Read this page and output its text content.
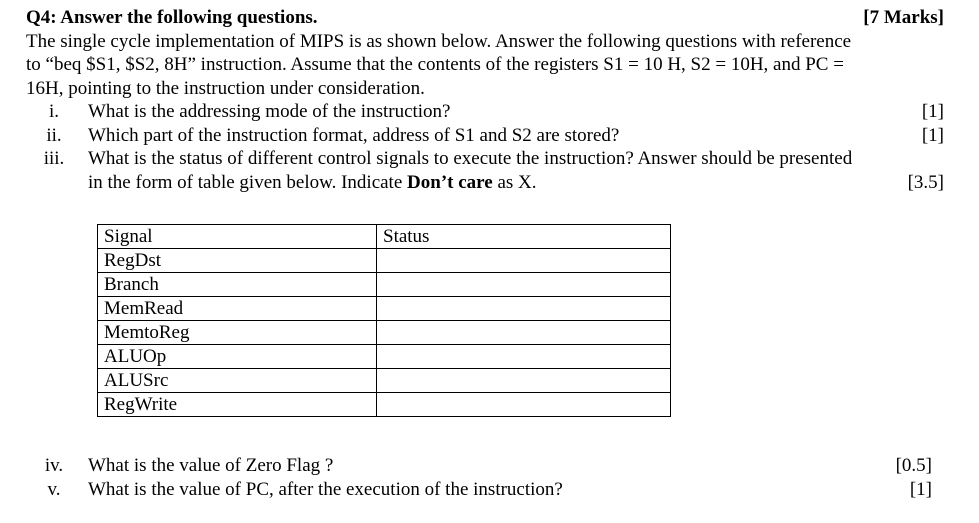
Q4: Answer the following questions.	[7 Marks]

The single cycle implementation of MIPS is as shown below. Answer the following questions with reference

to “beq $S1, $S2, 8H” instruction. Assume that the contents of the registers S1 = 10 H, S2 = 10H, and PC =

16H, pointing to the instruction under consideration.

i.	What is the addressing mode of the instruction?	[1]
ii.	Which part of the instruction format, address of S1 and S2 are stored?	[1]
iii.	What is the status of different control signals to execute the instruction? Answer should be presented
in the form of table given below. Indicate Don’t care as X.	[3.5]
Signal	Status
RegDst	
Branch	
MemRead	
MemtoReg	
ALUOp	
ALUSrc	
RegWrite	
iv.	What is the value of Zero Flag ?	[0.5]
v.	What is the value of PC, after the execution of the instruction?	[1]
